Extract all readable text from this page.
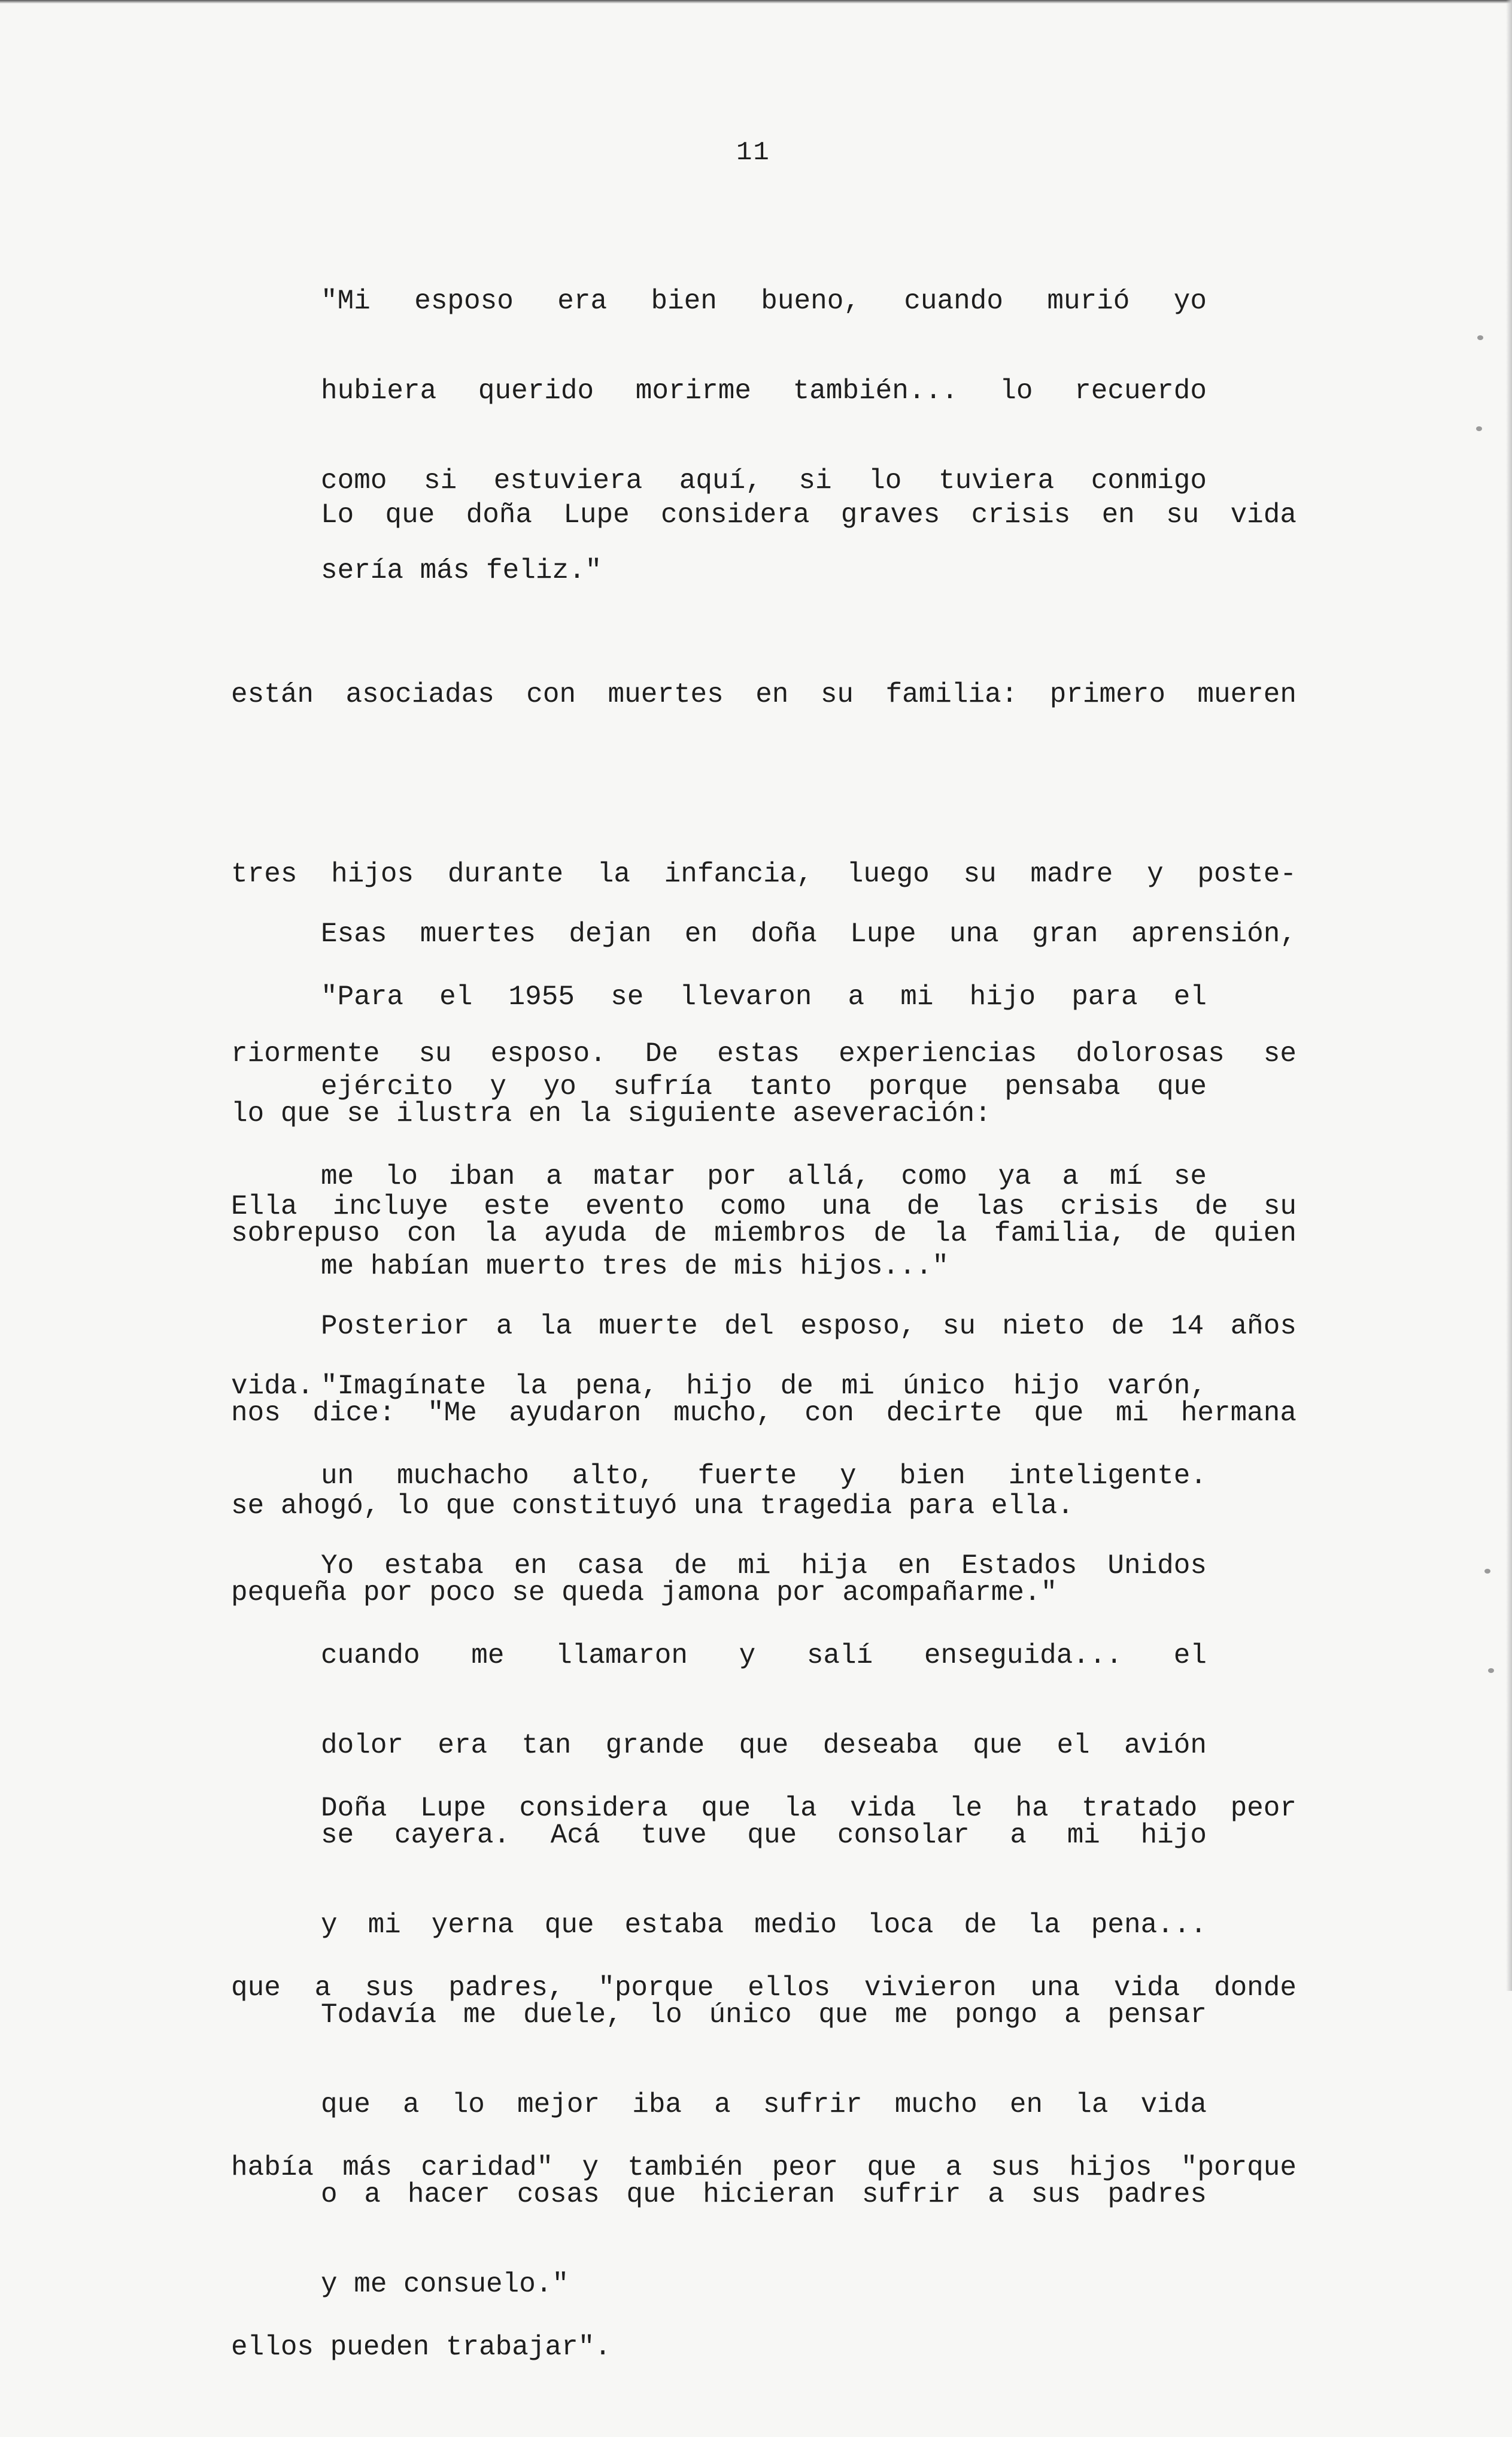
11

"Mi esposo era bien bueno, cuando murió yo

hubiera querido morirme también... lo recuerdo

como si estuviera aquí, si lo tuviera conmigo

sería más feliz."

Lo que doña Lupe considera graves crisis en su vida

están asociadas con muertes en su familia: primero mueren

tres hijos durante la infancia, luego su madre y poste-

riormente su esposo. De estas experiencias dolorosas se

sobrepuso con la ayuda de miembros de la familia, de quien

nos dice: "Me ayudaron mucho, con decirte que mi hermana

pequeña por poco se queda jamona por acompañarme."

Esas muertes dejan en doña Lupe una gran aprensión,

lo que se ilustra en la siguiente aseveración:

"Para el 1955 se llevaron a mi hijo para el

ejército y yo sufría tanto porque pensaba que

me lo iban a matar por allá, como ya a mí se

me habían muerto tres de mis hijos..."

Ella incluye este evento como una de las crisis de su

vida.

Posterior a la muerte del esposo, su nieto de 14 años

se ahogó, lo que constituyó una tragedia para ella.

"Imagínate la pena, hijo de mi único hijo varón,

un muchacho alto, fuerte y bien inteligente.

Yo estaba en casa de mi hija en Estados Unidos

cuando me llamaron y salí enseguida... el

dolor era tan grande que deseaba que el avión

se cayera. Acá tuve que consolar a mi hijo

y mi yerna que estaba medio loca de la pena...

Todavía me duele, lo único que me pongo a pensar

que a lo mejor iba a sufrir mucho en la vida

o a hacer cosas que hicieran sufrir a sus padres

y me consuelo."

Doña Lupe considera que la vida le ha tratado peor

que a sus padres, "porque ellos vivieron una vida donde

había más caridad" y también peor que a sus hijos "porque

ellos pueden trabajar".
